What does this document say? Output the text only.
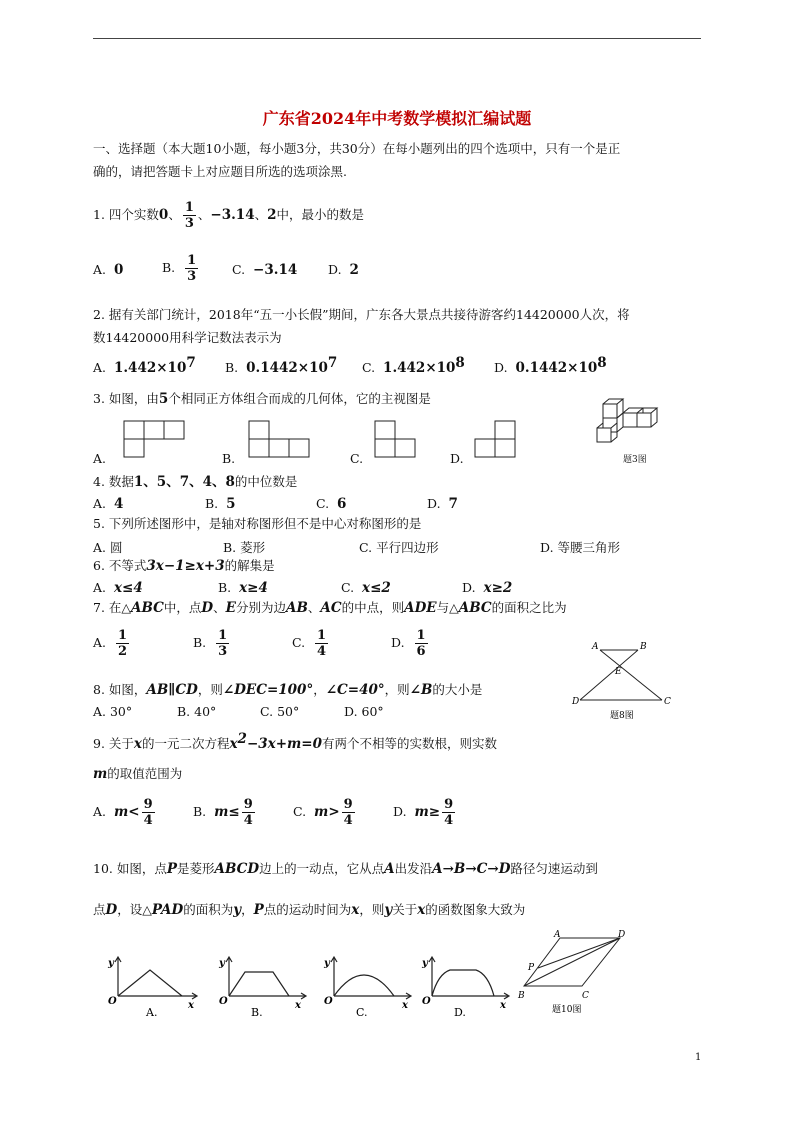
广东省2024年中考数学模拟汇编试题
一、选择题（本大题10小题，每小题3分，共30分）在每小题列出的四个选项中，只有一个是正
确的，请把答题卡上对应题目所选的选项涂黑.
1. 四个实数0、 $\frac{1}{3}$ 、−3.14、2中，最小的数是
A. 0	B. $\frac{1}{3}$	C. −3.14 D. 2
2. 据有关部门统计，2018年“五一小长假”期间，广东各大景点共接待游客约14420000人次，将
数14420000用科学记数法表示为
A. $1.442\times 10^7$ B. $0.1442\times 10^7$ C. $1.442\times 10^8$ D. $0.1442\times 10^8$
3. 如图，由5个相同正方体组合而成的几何体，它的主视图是
A.	B.	C.	D.	题3图
4. 数据1、5、7、4、8的中位数是
A. 4	B. 5	C. 6	D. 7
5. 下列所述图形中，是轴对称图形但不是中心对称图形的是
A. 圆	B. 菱形	C. 平行四边形	D. 等腰三角形
6. 不等式3x−1≥x+3的解集是
A. x≤4	B. x≥4	C. x≤2	D. x≥2
7. 在△ABC中，点D、E分别为边AB、AC的中点，则ADE与△ABC的面积之比为
A. $\frac{1}{2}$	B. $\frac{1}{3}$	C. $\frac{1}{4}$	D. $\frac{1}{6}$	A	B
E
D	C
题8图
8. 如图，AB∥CD，则∠DEC=100°，∠C=40°，则∠B的大小是
A. 30°	B. 40°	C. 50°	D. 60°
9. 关于x的一元二次方程$x^2-3x+m=0$有两个不相等的实数根，则实数
m的取值范围为
A. $m< \frac{9}{4}$	B. $m\le \frac{9}{4}$	C. $m> \frac{9}{4}$	D. $m\ge \frac{9}{4}$
10. 如图，点P是菱形ABCD边上的一动点，它从点A出发沿A→B→C→D路径匀速运动到
点D，设△PAD的面积为y，P点的运动时间为x，则y关于x的函数图象大致为
y
x
O
A.
y
x
O
B.
y
x
O
C.
y
x
O
D.
A	D
P
B	C
题10图
1
